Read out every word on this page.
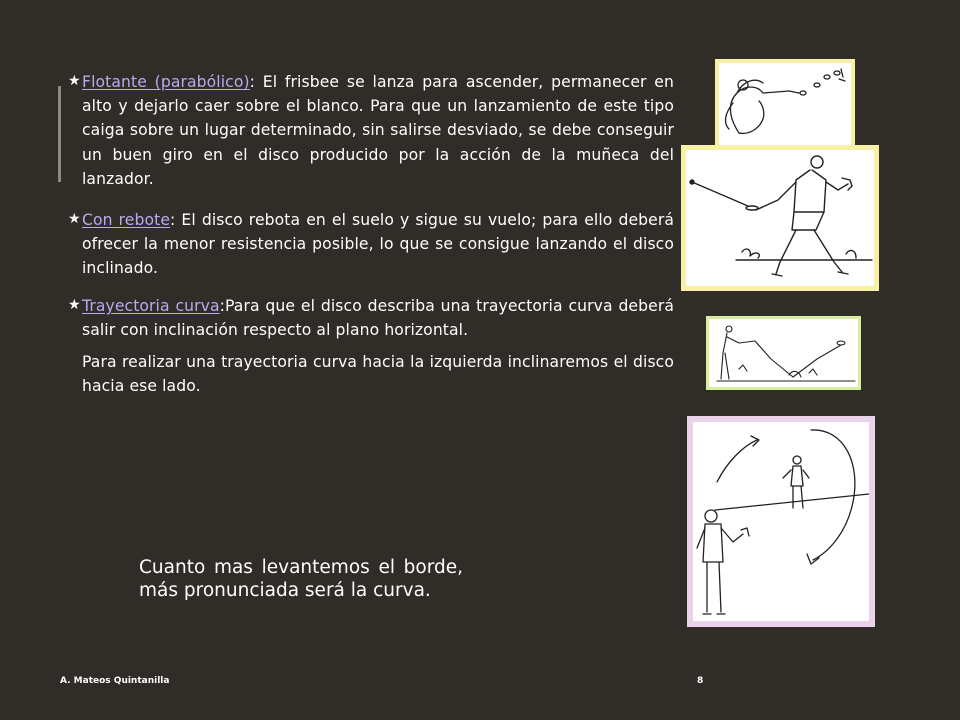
★ Flotante (parabólico): El frisbee se lanza para ascender, permanecer en alto y dejarlo caer sobre el blanco. Para que un lanzamiento de este tipo caiga sobre un lugar determinado, sin salirse desviado, se debe conseguir un buen giro en el disco producido por la acción de la muñeca del lanzador.
★ Con rebote: El disco rebota en el suelo y sigue su vuelo; para ello deberá ofrecer la menor resistencia posible, lo que se consigue lanzando el disco inclinado.
★ Trayectoria curva:Para que el disco describa una trayectoria curva deberá salir con inclinación respecto al plano horizontal.
Para realizar una trayectoria curva hacia la izquierda inclinaremos el disco hacia ese lado.
Cuanto mas levantemos el borde, más pronunciada será la curva.
A. Mateos Quintanilla	8
